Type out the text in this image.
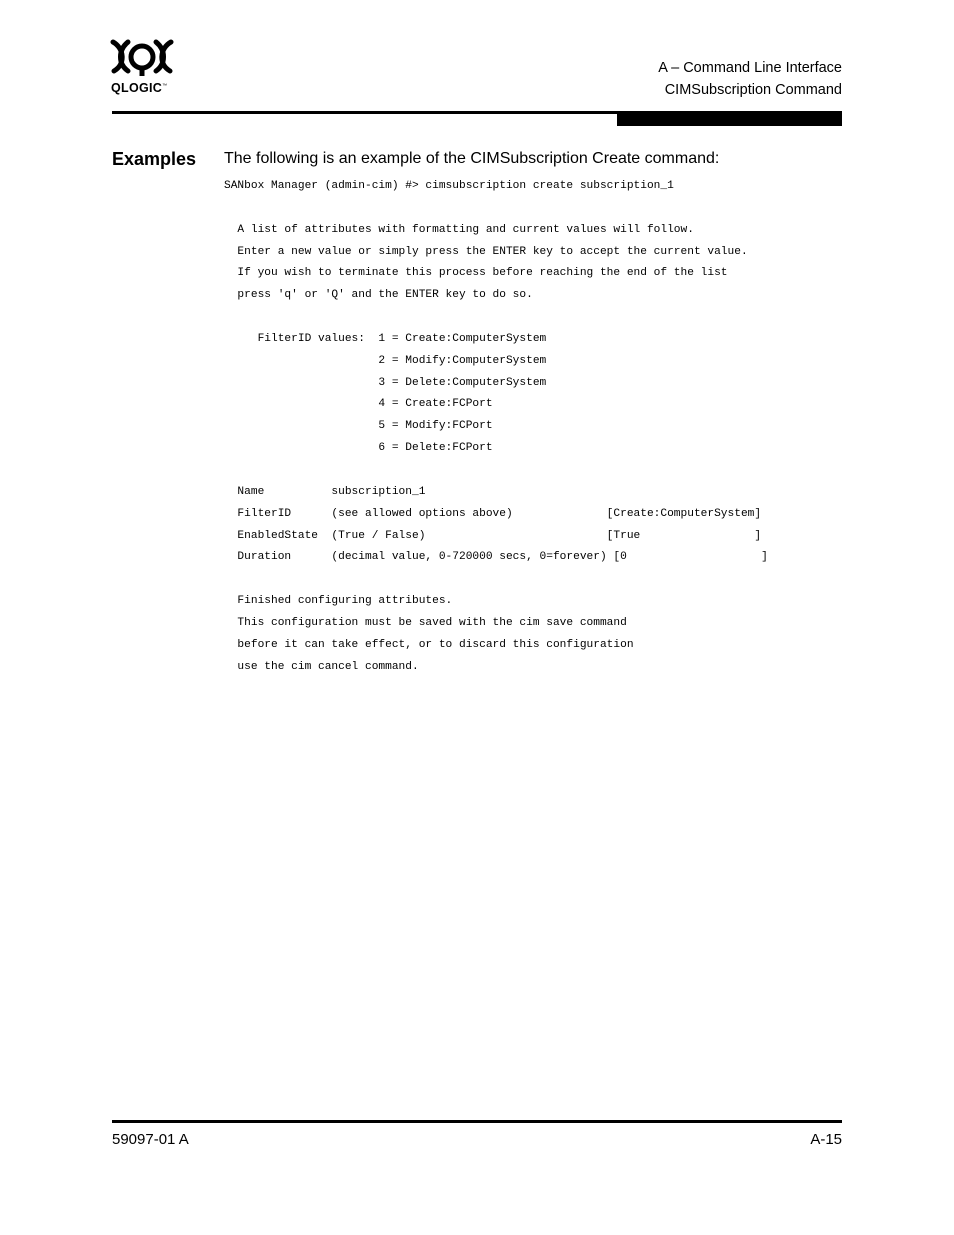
QLOGIC™
A – Command Line Interface
CIMSubscription Command
Examples The following is an example of the CIMSubscription Create command:
SANbox Manager (admin-cim) #> cimsubscription create subscription_1
A list of attributes with formatting and current values will follow.
Enter a new value or simply press the ENTER key to accept the current value.
If you wish to terminate this process before reaching the end of the list
press 'q' or 'Q' and the ENTER key to do so.
FilterID values:  1 = Create:ComputerSystem
2 = Modify:ComputerSystem
3 = Delete:ComputerSystem
4 = Create:FCPort
5 = Modify:FCPort
6 = Delete:FCPort
Name          subscription_1
FilterID      (see allowed options above)              [Create:ComputerSystem]
EnabledState  (True / False)                           [True                 ]
Duration      (decimal value, 0-720000 secs, 0=forever) [0                    ]
Finished configuring attributes.
This configuration must be saved with the cim save command
before it can take effect, or to discard this configuration
use the cim cancel command.
59097-01 A	A-15
